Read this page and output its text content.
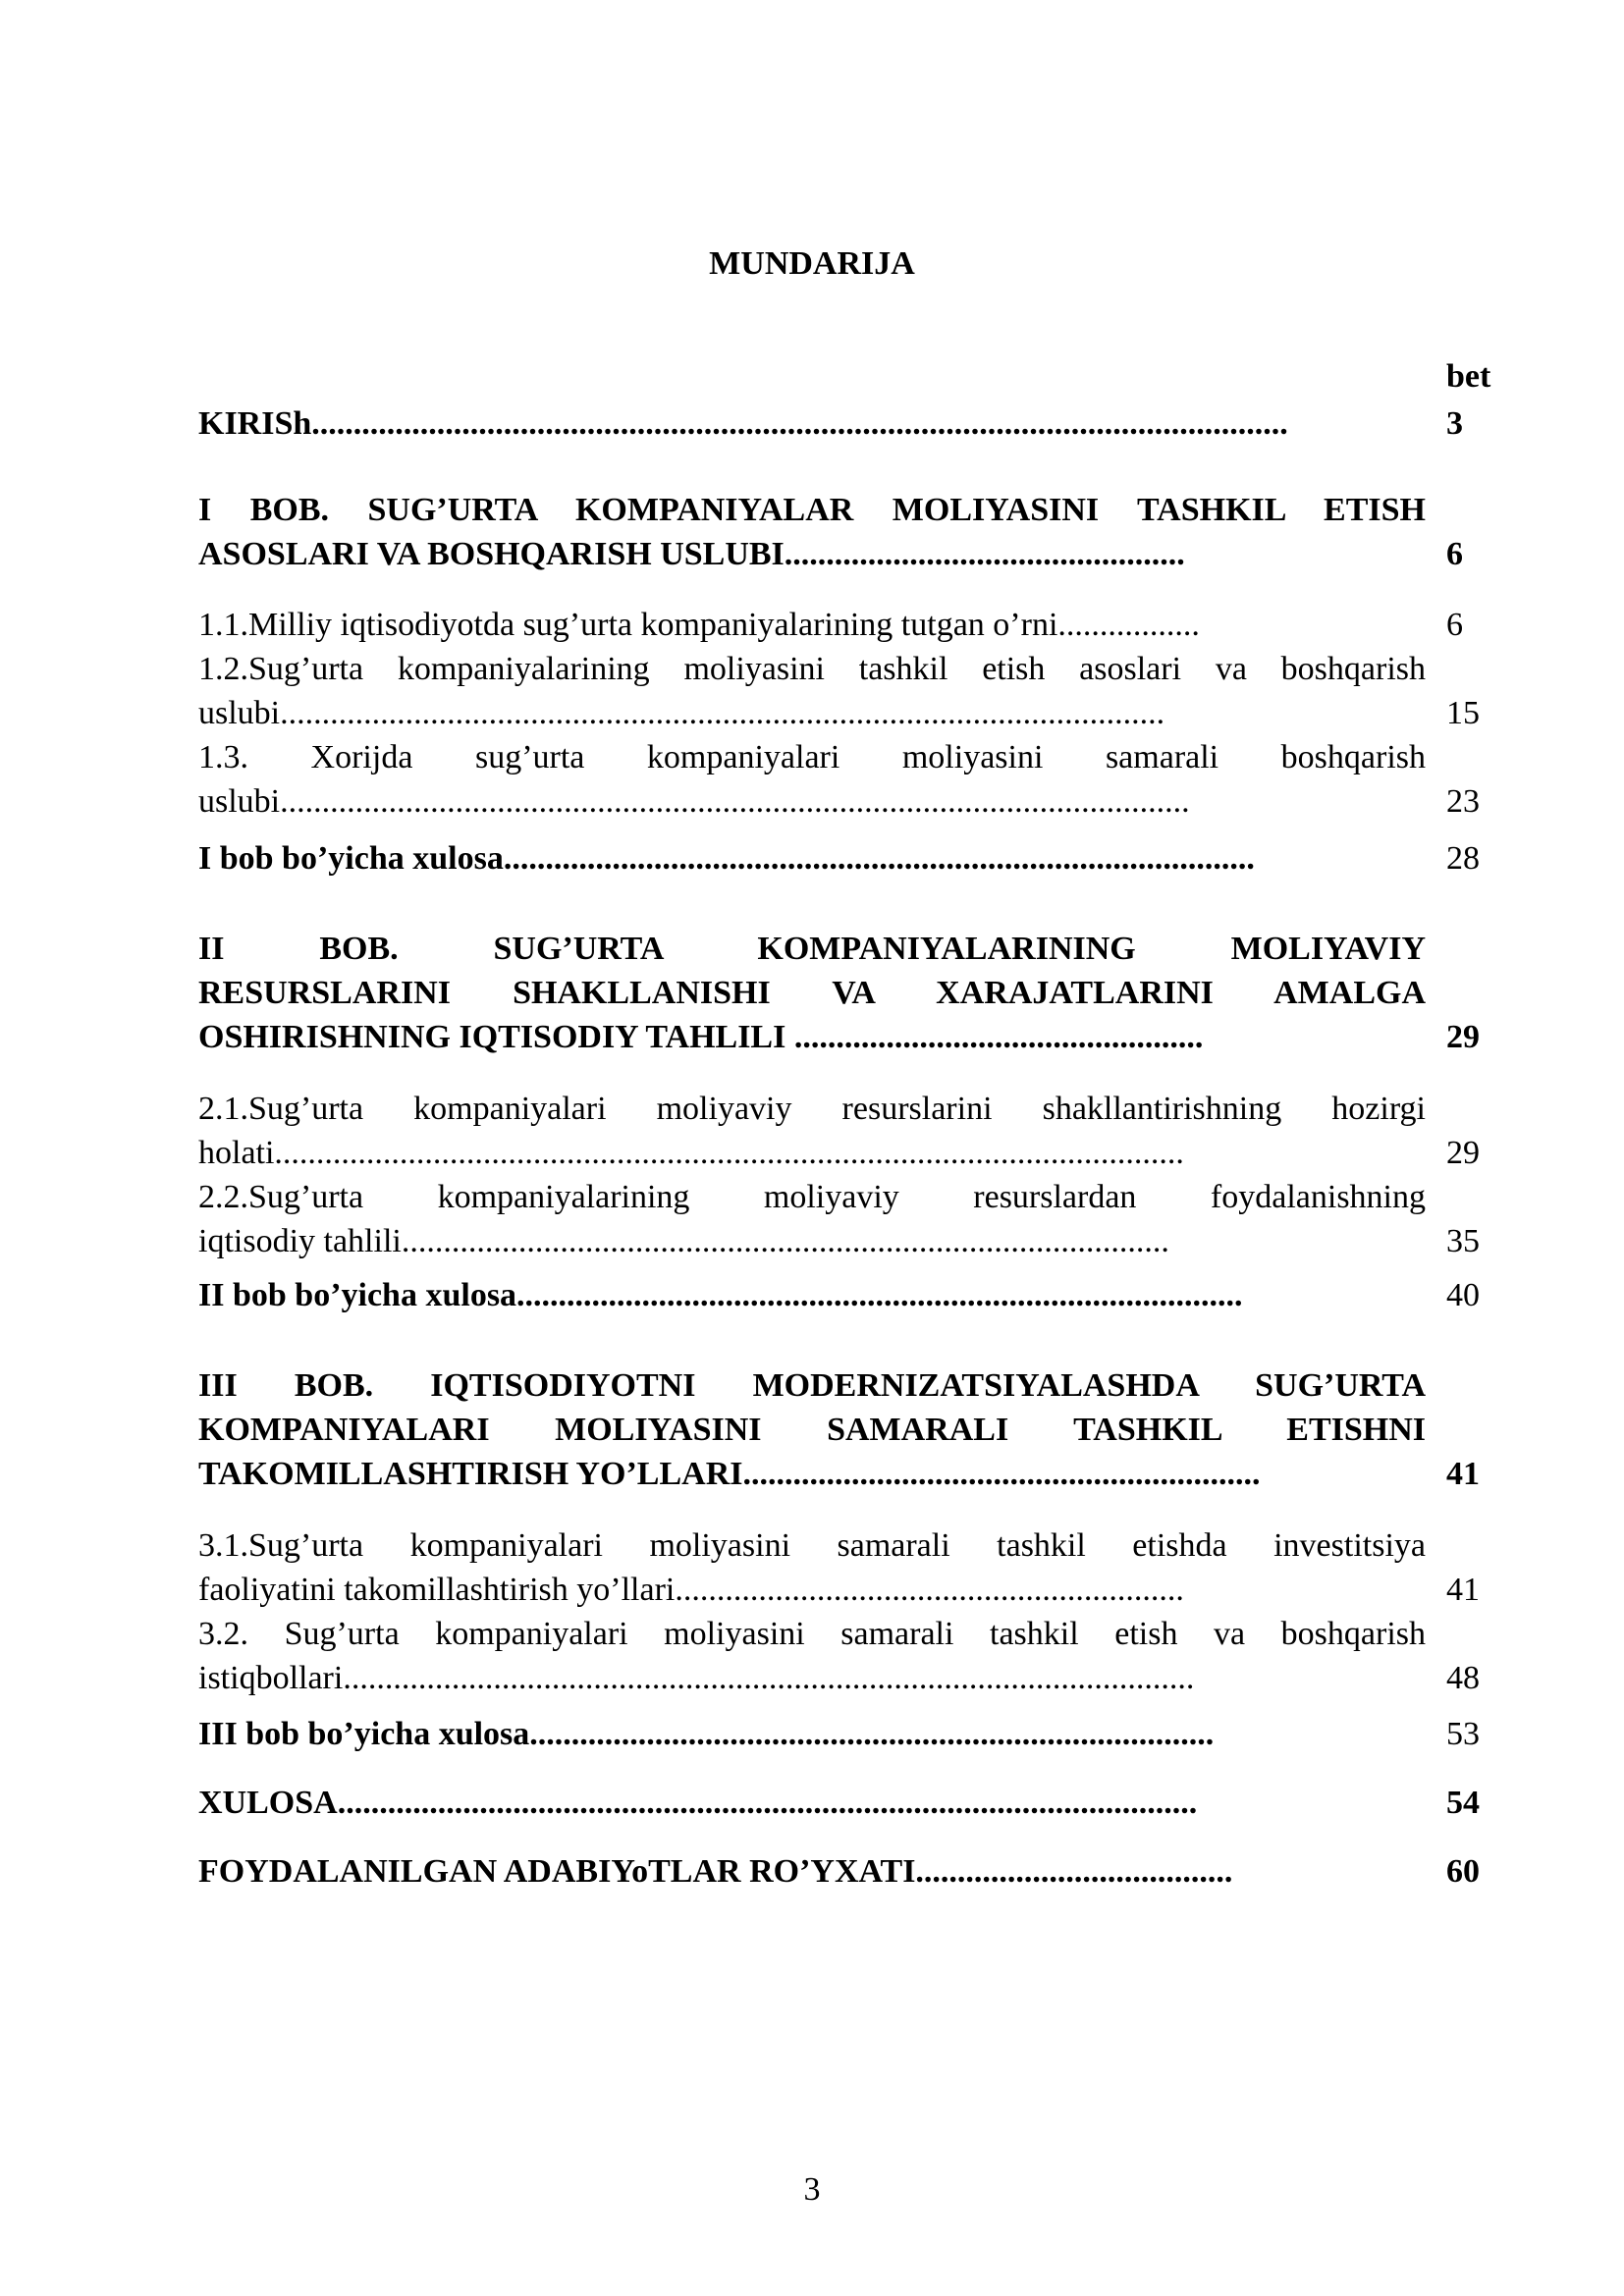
MUNDARIJA
bet
KIRISh.....................................................................................................................	3
I BOB. SUG’URTA KOMPANIYALAR MOLIYASINI TASHKIL ETISH
ASOSLARI VA BOSHQARISH USLUBI................................................	6
1.1.Milliy iqtisodiyotda sug’urta kompaniyalarining tutgan o’rni.................	6
1.2.Sug’urta kompaniyalarining moliyasini tashkil etish asoslari va boshqarish
uslubi..........................................................................................................	15
1.3. Xorijda sug’urta kompaniyalari moliyasini samarali boshqarish
uslubi.............................................................................................................	23
I bob bo’yicha xulosa..........................................................................................	28
II BOB. SUG’URTA KOMPANIYALARINING MOLIYAVIY
RESURSLARINI SHAKLLANISHI VA XARAJATLARINI AMALGA
OSHIRISHNING IQTISODIY TAHLILI .................................................	29
2.1.Sug’urta kompaniyalari moliyaviy resurslarini shakllantirishning hozirgi
holati.............................................................................................................	29
2.2.Sug’urta kompaniyalarining moliyaviy resurslardan foydalanishning
iqtisodiy tahlili............................................................................................	35
II bob bo’yicha xulosa.......................................................................................	40
III BOB. IQTISODIYOTNI MODERNIZATSIYALASHDA SUG’URTA
KOMPANIYALARI MOLIYASINI SAMARALI TASHKIL ETISHNI
TAKOMILLASHTIRISH YO’LLARI..............................................................	41
3.1.Sug’urta kompaniyalari moliyasini samarali tashkil etishda investitsiya
faoliyatini takomillashtirish yo’llari.............................................................	41
3.2. Sug’urta kompaniyalari moliyasini samarali tashkil etish va boshqarish
istiqbollari......................................................................................................	48
III bob bo’yicha xulosa..................................................................................	53
XULOSA.......................................................................................................	54
FOYDALANILGAN ADABIYoTLAR RO’YXATI......................................	60
3
